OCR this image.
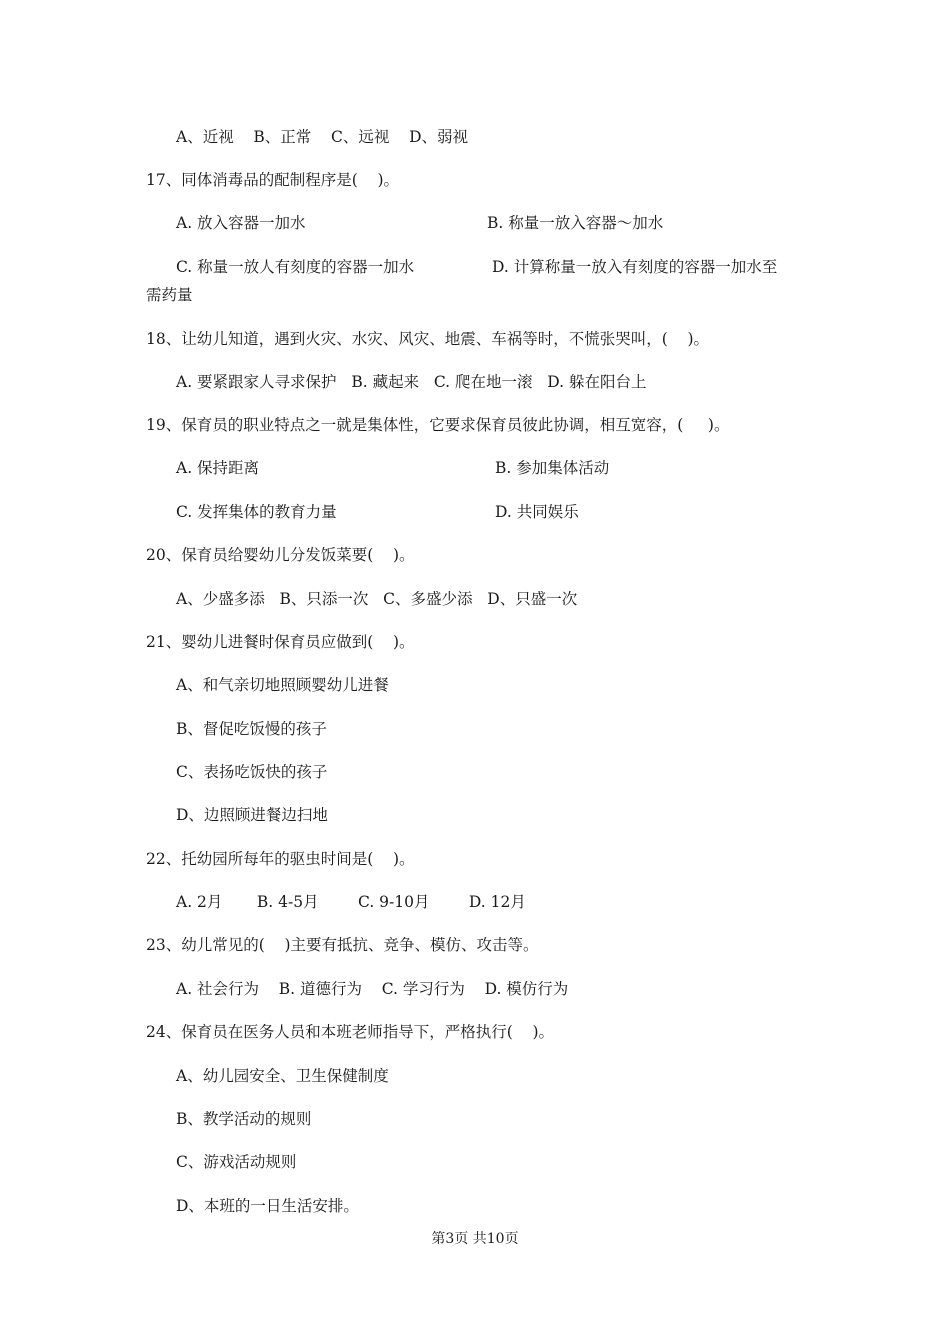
A、近视    B、正常    C、远视    D、弱视
17、同体消毒品的配制程序是(    )。
A. 放入容器一加水	B. 称量一放入容器～加水
C. 称量一放人有刻度的容器一加水	D. 计算称量一放入有刻度的容器一加水至
需药量
18、让幼儿知道，遇到火灾、水灾、风灾、地震、车祸等时，不慌张哭叫，(    )。
A. 要紧跟家人寻求保护   B. 藏起来   C. 爬在地一滚   D. 躲在阳台上
19、保育员的职业特点之一就是集体性，它要求保育员彼此协调，相互宽容，(     )。
A. 保持距离	B. 参加集体活动
C. 发挥集体的教育力量	D. 共同娱乐
20、保育员给婴幼儿分发饭菜要(    )。
A、少盛多添   B、只添一次   C、多盛少添   D、只盛一次
21、婴幼儿进餐时保育员应做到(    )。
A、和气亲切地照顾婴幼儿进餐
B、督促吃饭慢的孩子
C、表扬吃饭快的孩子
D、边照顾进餐边扫地
22、托幼园所每年的驱虫时间是(    )。
A. 2月       B. 4-5月        C. 9-10月        D. 12月
23、幼儿常见的(    )主要有抵抗、竞争、模仿、攻击等。
A. 社会行为    B. 道德行为    C. 学习行为    D. 模仿行为
24、保育员在医务人员和本班老师指导下，严格执行(    )。
A、幼儿园安全、卫生保健制度
B、教学活动的规则
C、游戏活动规则
D、本班的一日生活安排。
第3页 共10页
